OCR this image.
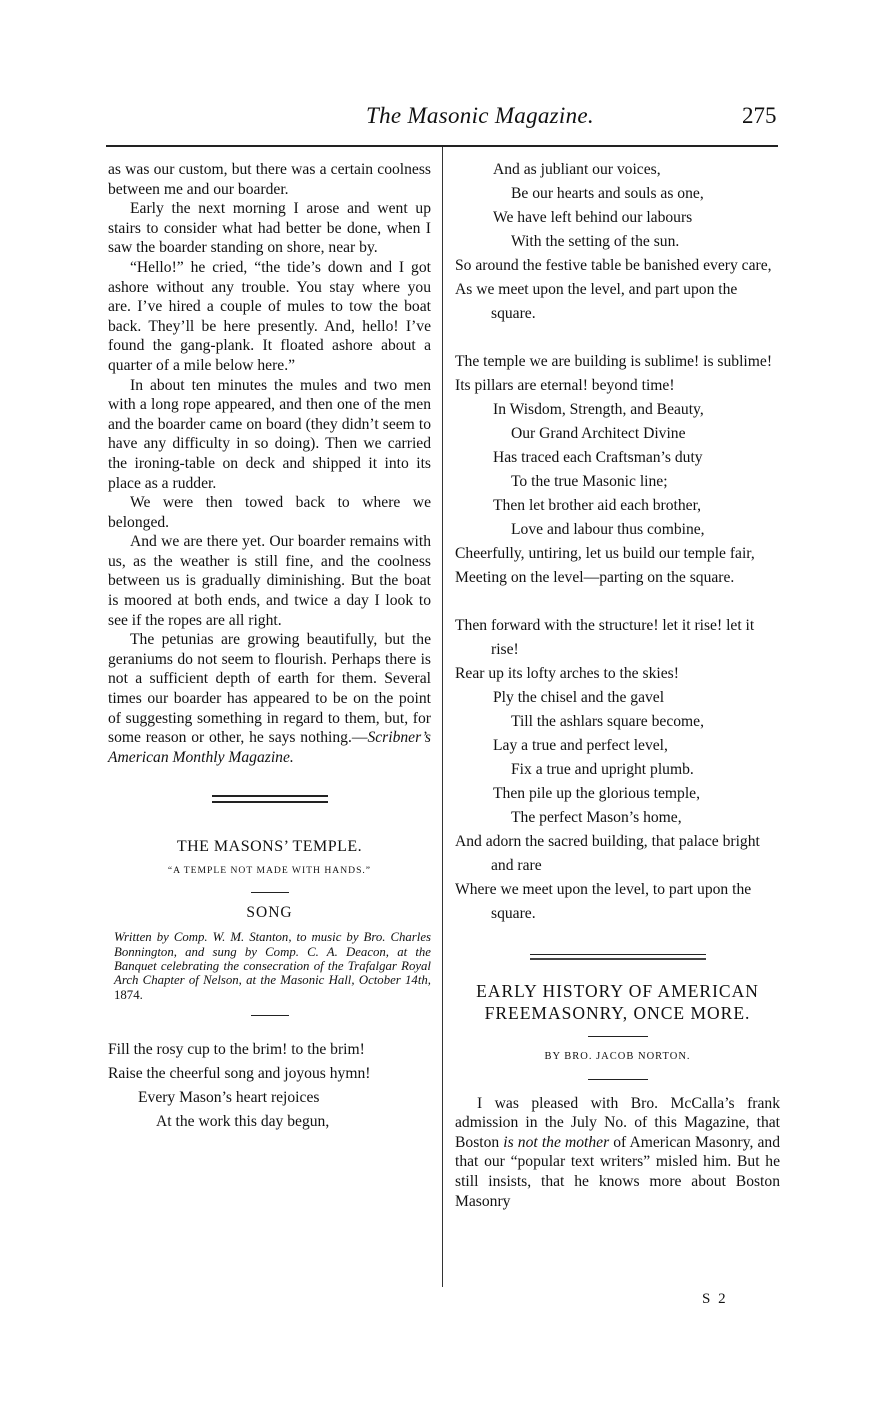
The Masonic Magazine.	275

as was our custom, but there was a certain coolness between me and our boarder.

Early the next morning I arose and went up stairs to consider what had better be done, when I saw the boarder standing on shore, near by.

“Hello!” he cried, “the tide’s down and I got ashore without any trouble. You stay where you are. I’ve hired a couple of mules to tow the boat back. They’ll be here presently. And, hello! I’ve found the gang-plank. It floated ashore about a quarter of a mile below here.”

In about ten minutes the mules and two men with a long rope appeared, and then one of the men and the boarder came on board (they didn’t seem to have any difficulty in so doing). Then we carried the ironing-table on deck and shipped it into its place as a rudder.

We were then towed back to where we belonged.

And we are there yet. Our boarder remains with us, as the weather is still fine, and the coolness between us is gradually diminishing. But the boat is moored at both ends, and twice a day I look to see if the ropes are all right.

The petunias are growing beautifully, but the geraniums do not seem to flourish. Perhaps there is not a sufficient depth of earth for them. Several times our boarder has appeared to be on the point of suggesting something in regard to them, but, for some reason or other, he says nothing.—Scribner’s American Monthly Magazine.

THE MASONS’ TEMPLE.

“A TEMPLE NOT MADE WITH HANDS.”

SONG

Written by Comp. W. M. Stanton, to music by Bro. Charles Bonnington, and sung by Comp. C. A. Deacon, at the Banquet celebrating the consecration of the Trafalgar Royal Arch Chapter of Nelson, at the Masonic Hall, October 14th, 1874.

Fill the rosy cup to the brim! to the brim!

Raise the cheerful song and joyous hymn!

Every Mason’s heart rejoices

At the work this day begun,

And as jubliant our voices,

Be our hearts and souls as one,

We have left behind our labours

With the setting of the sun.

So around the festive table be banished every care,

As we meet upon the level, and part upon the square.

The temple we are building is sublime! is sublime!

Its pillars are eternal! beyond time!

In Wisdom, Strength, and Beauty,

Our Grand Architect Divine

Has traced each Craftsman’s duty

To the true Masonic line;

Then let brother aid each brother,

Love and labour thus combine,

Cheerfully, untiring, let us build our temple fair,

Meeting on the level—parting on the square.

Then forward with the structure! let it rise! let it rise!

Rear up its lofty arches to the skies!

Ply the chisel and the gavel

Till the ashlars square become,

Lay a true and perfect level,

Fix a true and upright plumb.

Then pile up the glorious temple,

The perfect Mason’s home,

And adorn the sacred building, that palace bright and rare

Where we meet upon the level, to part upon the square.

EARLY HISTORY OF AMERICAN

FREEMASONRY, ONCE MORE.

BY BRO. JACOB NORTON.

I was pleased with Bro. McCalla’s frank admission in the July No. of this Magazine, that Boston is not the mother of American Masonry, and that our “popular text writers” misled him. But he still insists, that he knows more about Boston Masonry

S 2
